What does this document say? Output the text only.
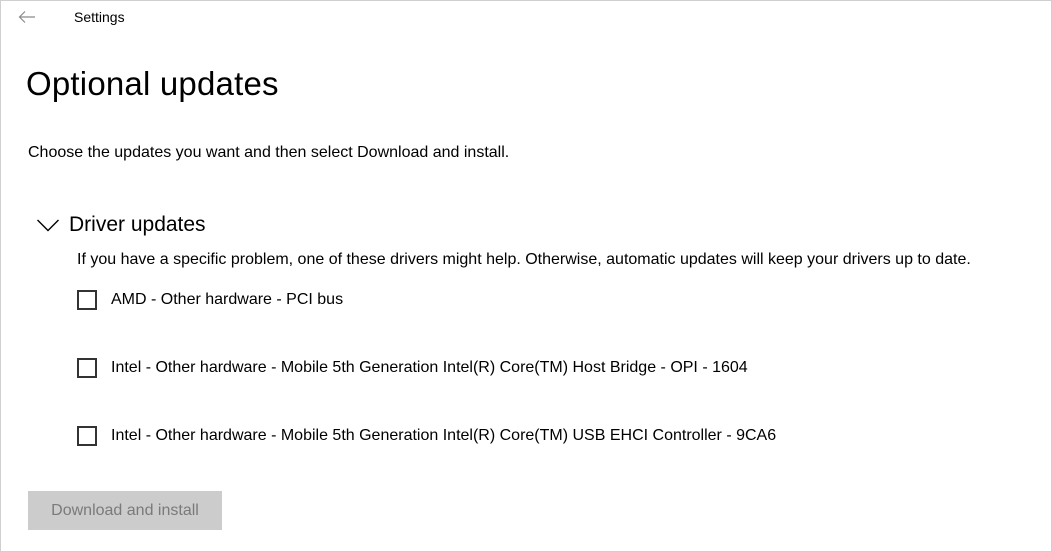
Settings
Optional updates
Choose the updates you want and then select Download and install.
Driver updates
If you have a specific problem, one of these drivers might help. Otherwise, automatic updates will keep your drivers up to date.
AMD - Other hardware - PCI bus
Intel - Other hardware - Mobile 5th Generation Intel(R) Core(TM) Host Bridge - OPI - 1604
Intel - Other hardware - Mobile 5th Generation Intel(R) Core(TM) USB EHCI Controller - 9CA6
Download and install
